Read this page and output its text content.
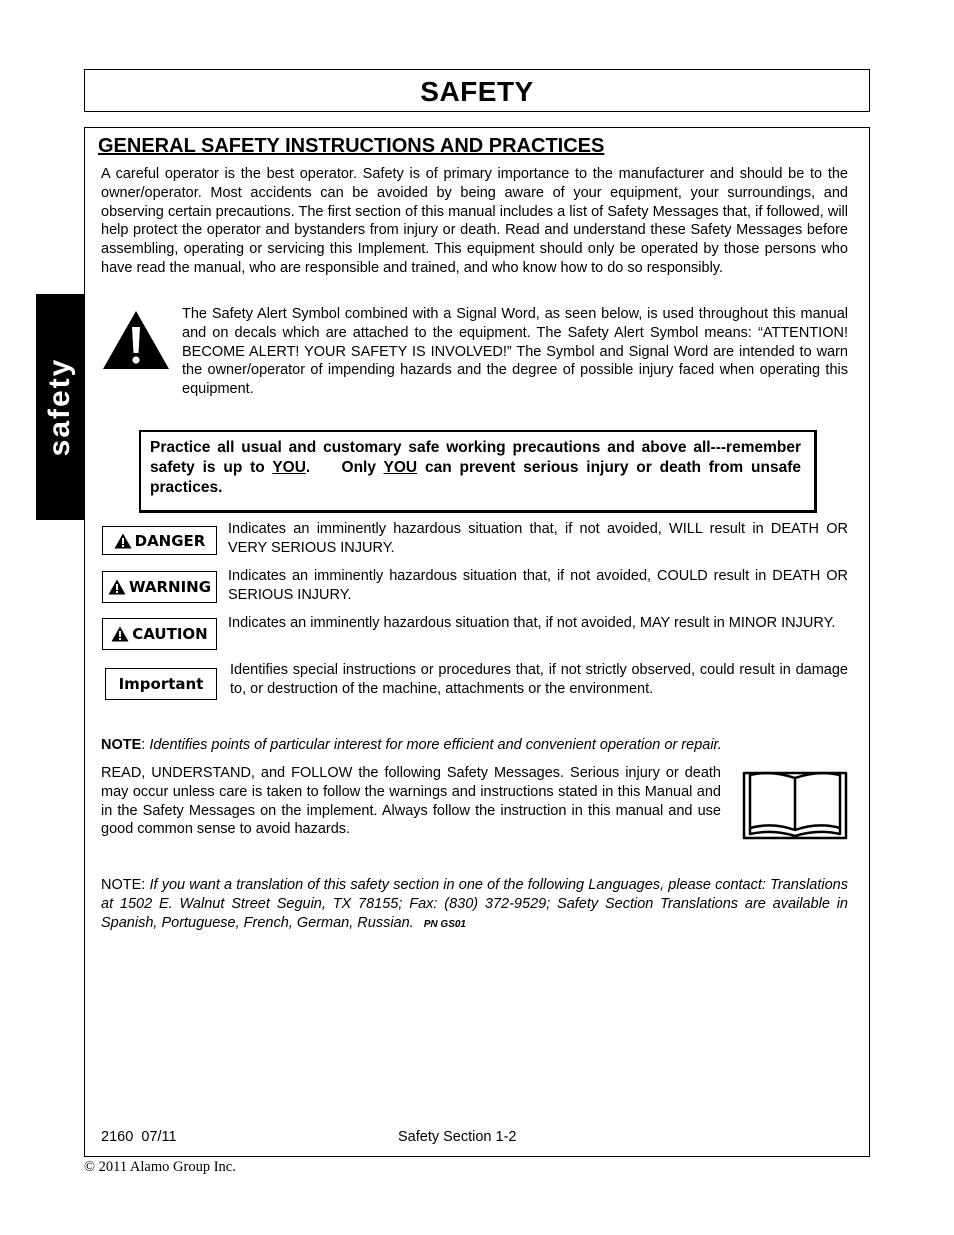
SAFETY
safety
GENERAL SAFETY INSTRUCTIONS AND PRACTICES
A careful operator is the best operator. Safety is of primary importance to the manufacturer and should be to the owner/operator. Most accidents can be avoided by being aware of your equipment, your surroundings, and observing certain precautions. The first section of this manual includes a list of Safety Messages that, if followed, will help protect the operator and bystanders from injury or death. Read and understand these Safety Messages before assembling, operating or servicing this Implement. This equipment should only be operated by those persons who have read the manual, who are responsible and trained, and who know how to do so responsibly.
The Safety Alert Symbol combined with a Signal Word, as seen below, is used throughout this manual and on decals which are attached to the equipment. The Safety Alert Symbol means: “ATTENTION! BECOME ALERT! YOUR SAFETY IS INVOLVED!” The Symbol and Signal Word are intended to warn the owner/operator of impending hazards and the degree of possible injury faced when operating this equipment.
Practice all usual and customary safe working precautions and above all---remember safety is up to YOU.    Only YOU can prevent serious injury or death from unsafe practices.
DANGER
Indicates an imminently hazardous situation that, if not avoided, WILL result in DEATH OR VERY SERIOUS INJURY.
WARNING
Indicates an imminently hazardous situation that, if not avoided, COULD result in DEATH OR SERIOUS INJURY.
CAUTION
Indicates an imminently hazardous situation that, if not avoided, MAY result in MINOR INJURY.
Important
Identifies special instructions or procedures that, if not strictly observed, could result in damage to, or destruction of the machine, attachments or the environment.
NOTE: Identifies points of particular interest for more efficient and convenient operation or repair.
READ, UNDERSTAND, and FOLLOW the following Safety Messages. Serious injury or death may occur unless care is taken to follow the warnings and instructions stated in this Manual and in the Safety Messages on the implement. Always follow the instruction in this manual and use good common sense to avoid hazards.
NOTE: If you want a translation of this safety section in one of the following Languages, please contact: Translations at 1502 E. Walnut Street Seguin, TX 78155; Fax: (830) 372-9529; Safety Section Translations are available in Spanish, Portuguese, French, German, Russian. PN GS01
2160  07/11	Safety Section 1-2
© 2011 Alamo Group Inc.
